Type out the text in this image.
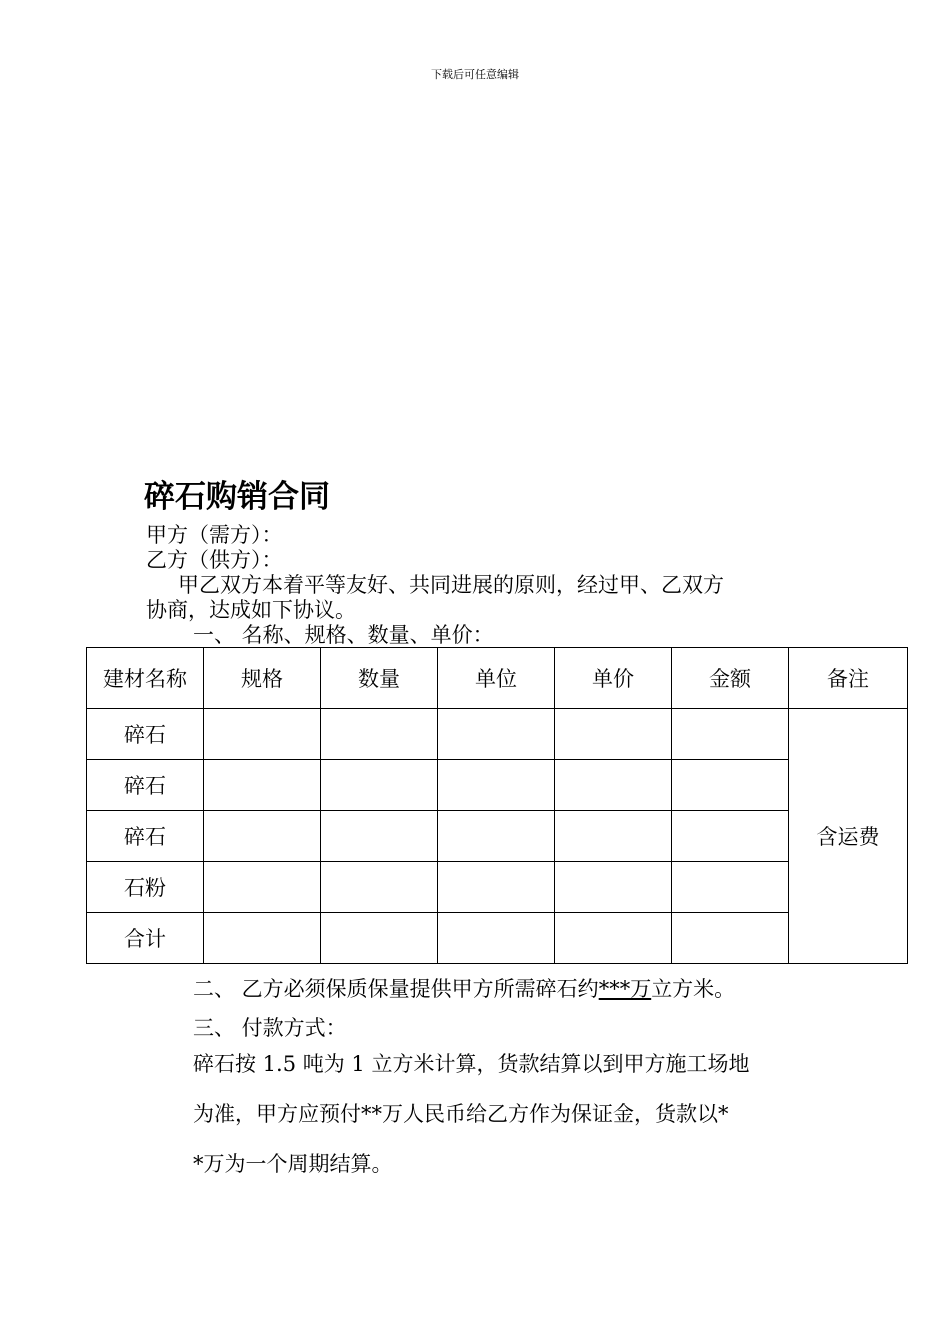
下载后可任意编辑
碎石购销合同
甲方（需方）：
乙方（供方）：
甲乙双方本着平等友好、共同进展的原则，经过甲、乙双方
协商，达成如下协议。
一、 名称、规格、数量、单价：
建材名称	规格	数量	单位	单价	金额	备注
碎石						含运费
碎石						
碎石						
石粉						
合计						
二、 乙方必须保质保量提供甲方所需碎石约***万立方米。
三、 付款方式：
碎石按 1.5 吨为 1 立方米计算，货款结算以到甲方施工场地
为准，甲方应预付**万人民币给乙方作为保证金，货款以*
*万为一个周期结算。
